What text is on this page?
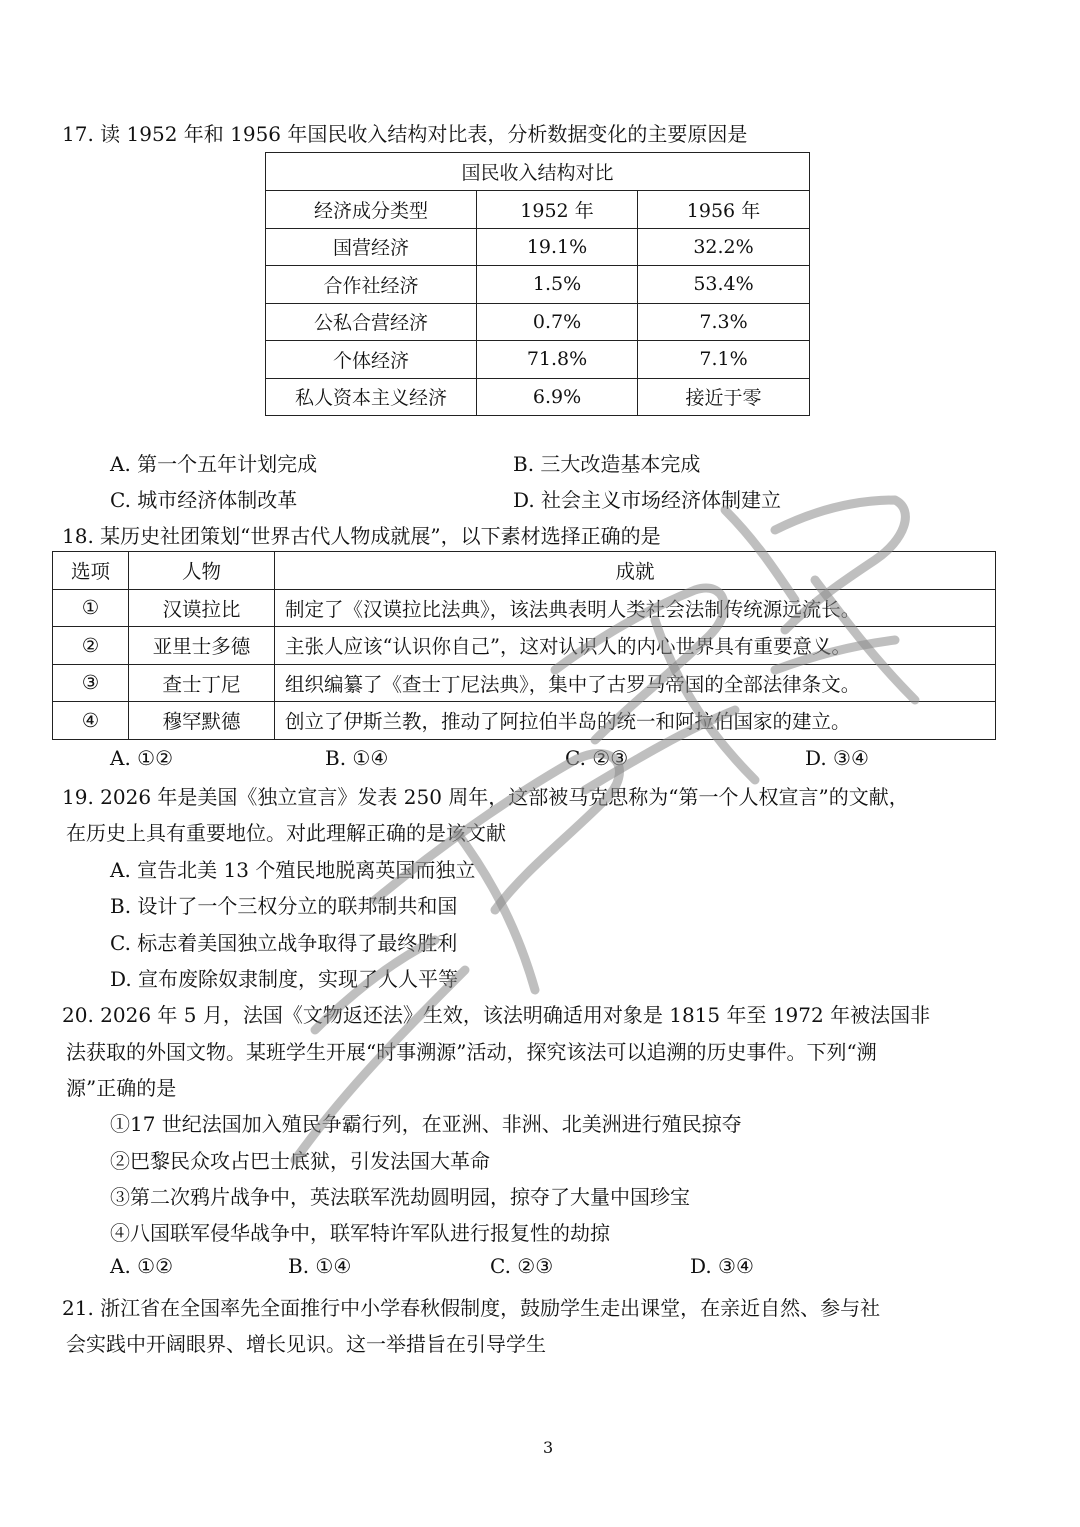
17. 读 1952 年和 1956 年国民收入结构对比表，分析数据变化的主要原因是
国民收入结构对比		
经济成分类型	1952 年	1956 年
国营经济	19.1%	32.2%
合作社经济	1.5%	53.4%
公私合营经济	0.7%	7.3%
个体经济	71.8%	7.1%
私人资本主义经济	6.9%	接近于零
A. 第一个五年计划完成	B. 三大改造基本完成
C. 城市经济体制改革	D. 社会主义市场经济体制建立
18. 某历史社团策划“世界古代人物成就展”，以下素材选择正确的是
选项	人物	成就
①	汉谟拉比	制定了《汉谟拉比法典》，该法典表明人类社会法制传统源远流长。
②	亚里士多德	主张人应该“认识你自己”，这对认识人的内心世界具有重要意义。
③	查士丁尼	组织编纂了《查士丁尼法典》，集中了古罗马帝国的全部法律条文。
④	穆罕默德	创立了伊斯兰教，推动了阿拉伯半岛的统一和阿拉伯国家的建立。
A. ①②	B. ①④	C. ②③	D. ③④
19. 2026 年是美国《独立宣言》发表 250 周年，这部被马克思称为“第一个人权宣言”的文献，
在历史上具有重要地位。对此理解正确的是该文献
A. 宣告北美 13 个殖民地脱离英国而独立
B. 设计了一个三权分立的联邦制共和国
C. 标志着美国独立战争取得了最终胜利
D. 宣布废除奴隶制度，实现了人人平等
20. 2026 年 5 月，法国《文物返还法》生效，该法明确适用对象是 1815 年至 1972 年被法国非
法获取的外国文物。某班学生开展“时事溯源”活动，探究该法可以追溯的历史事件。下列“溯
源”正确的是
①17 世纪法国加入殖民争霸行列，在亚洲、非洲、北美洲进行殖民掠夺
②巴黎民众攻占巴士底狱，引发法国大革命
③第二次鸦片战争中，英法联军洗劫圆明园，掠夺了大量中国珍宝
④八国联军侵华战争中，联军特许军队进行报复性的劫掠
A. ①②	B. ①④	C. ②③	D. ③④
21. 浙江省在全国率先全面推行中小学春秋假制度，鼓励学生走出课堂，在亲近自然、参与社
会实践中开阔眼界、增长见识。这一举措旨在引导学生
3
